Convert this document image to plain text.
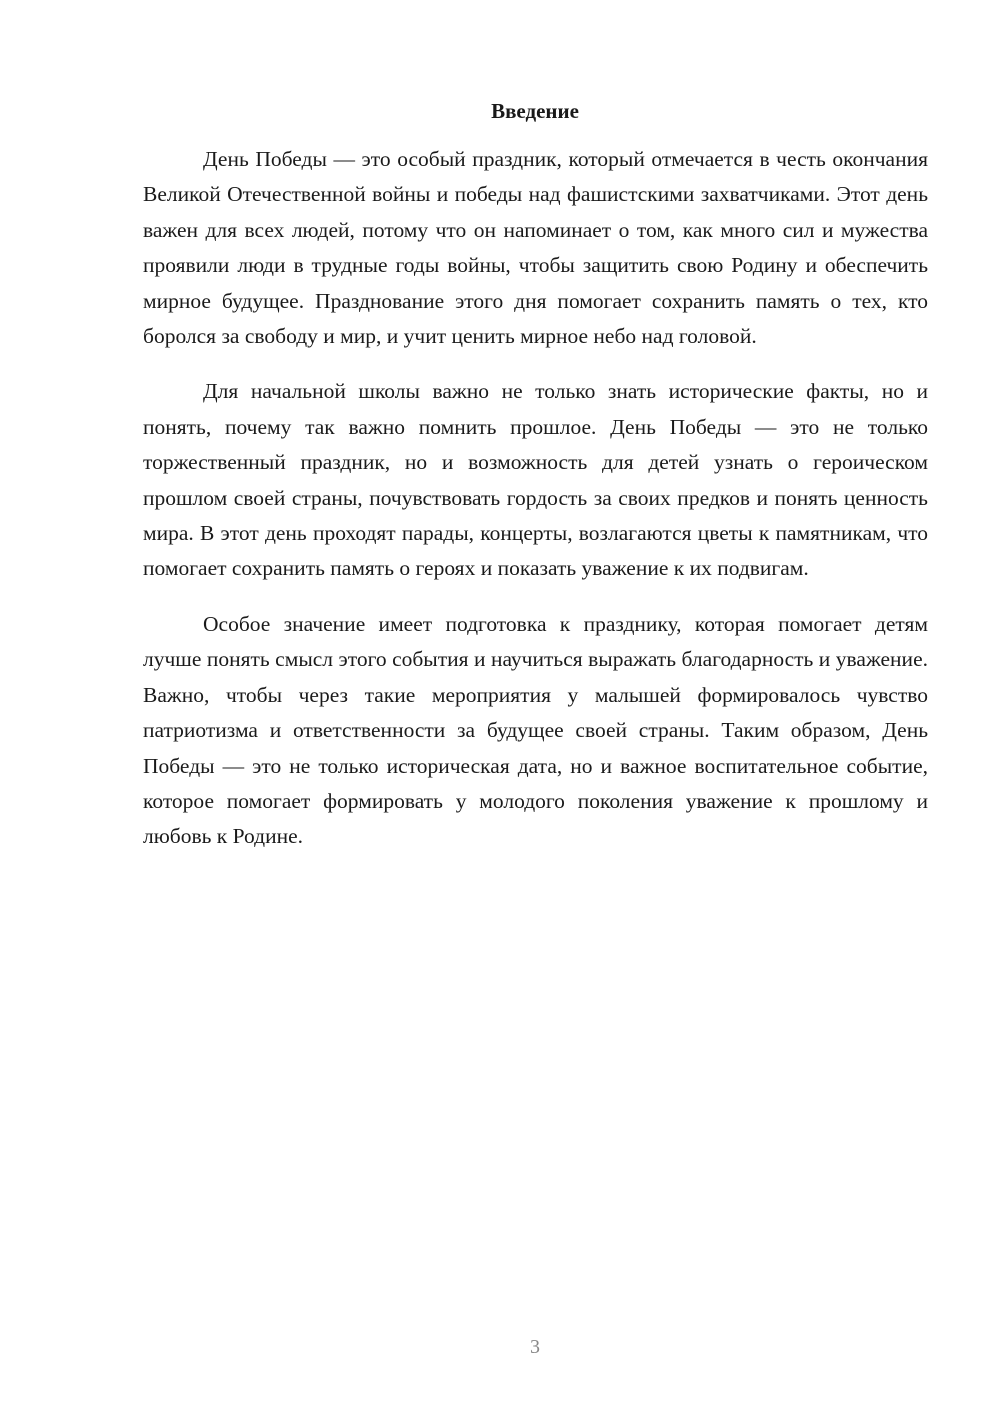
Введение

День Победы — это особый праздник, который отмечается в честь окончания Великой Отечественной войны и победы над фашистскими захватчиками. Этот день важен для всех людей, потому что он напоминает о том, как много сил и мужества проявили люди в трудные годы войны, чтобы защитить свою Родину и обеспечить мирное будущее. Празднование этого дня помогает сохранить память о тех, кто боролся за свободу и мир, и учит ценить мирное небо над головой.

Для начальной школы важно не только знать исторические факты, но и понять, почему так важно помнить прошлое. День Победы — это не только торжественный праздник, но и возможность для детей узнать о героическом прошлом своей страны, почувствовать гордость за своих предков и понять ценность мира. В этот день проходят парады, концерты, возлагаются цветы к памятникам, что помогает сохранить память о героях и показать уважение к их подвигам.

Особое значение имеет подготовка к празднику, которая помогает детям лучше понять смысл этого события и научиться выражать благодарность и уважение. Важно, чтобы через такие мероприятия у малышей формировалось чувство патриотизма и ответственности за будущее своей страны. Таким образом, День Победы — это не только историческая дата, но и важное воспитательное событие, которое помогает формировать у молодого поколения уважение к прошлому и любовь к Родине.

3
